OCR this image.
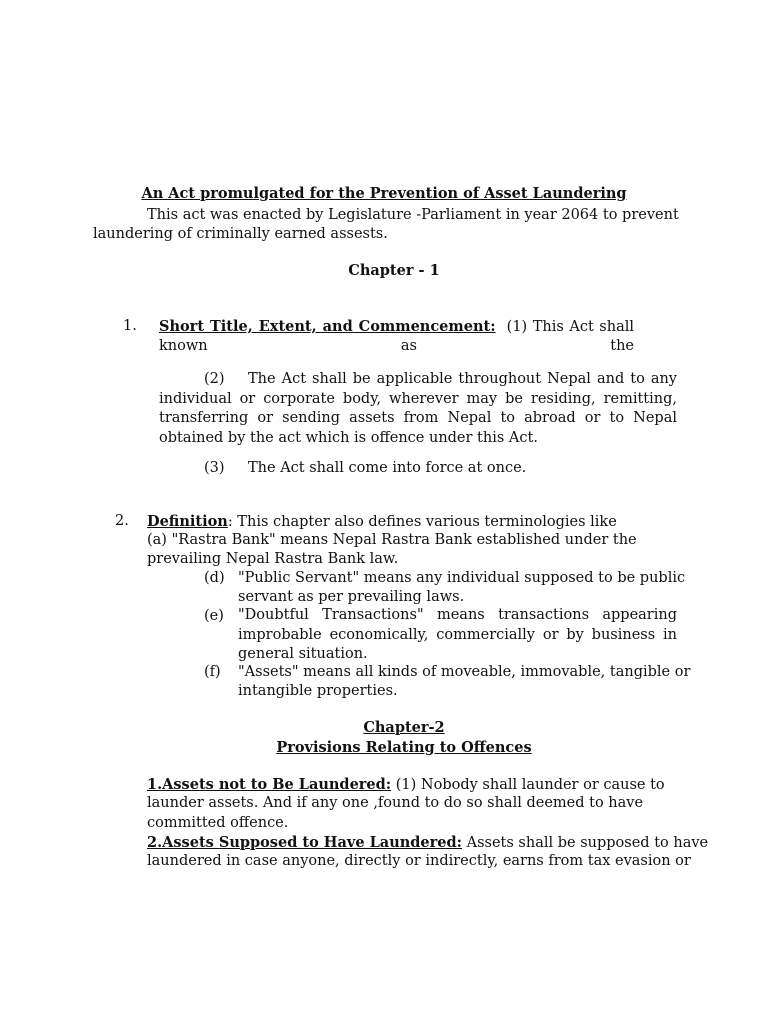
An Act promulgated for the Prevention of Asset Laundering
This act was enacted by Legislature -Parliament in year 2064 to prevent
laundering of criminally earned assests.
Chapter - 1
1. Short Title, Extent, and Commencement: (1) This Act shall
known as the
(2)	The Act shall be applicable throughout Nepal and to any
individual or corporate body, wherever may be residing, remitting,
transferring or sending assets from Nepal to abroad or to Nepal
obtained by the act which is offence under this Act.
(3) The Act shall come into force at once.
2. Definition: This chapter also defines various terminologies like
(a) "Rastra Bank" means Nepal Rastra Bank established under the
prevailing Nepal Rastra Bank law.
(d) "Public Servant" means any individual supposed to be public
servant as per prevailing laws.
(e) "Doubtful Transactions" means transactions appearing
improbable economically, commercially or by business in
general situation.
(f) "Assets" means all kinds of moveable, immovable, tangible or
intangible properties.
Chapter-2
Provisions Relating to Offences
1.Assets not to Be Laundered: (1) Nobody shall launder or cause to
launder assets. And if any one ,found to do so shall deemed to have
committed offence.
2.Assets Supposed to Have Laundered: Assets shall be supposed to have
laundered in case anyone, directly or indirectly, earns from tax evasion or
